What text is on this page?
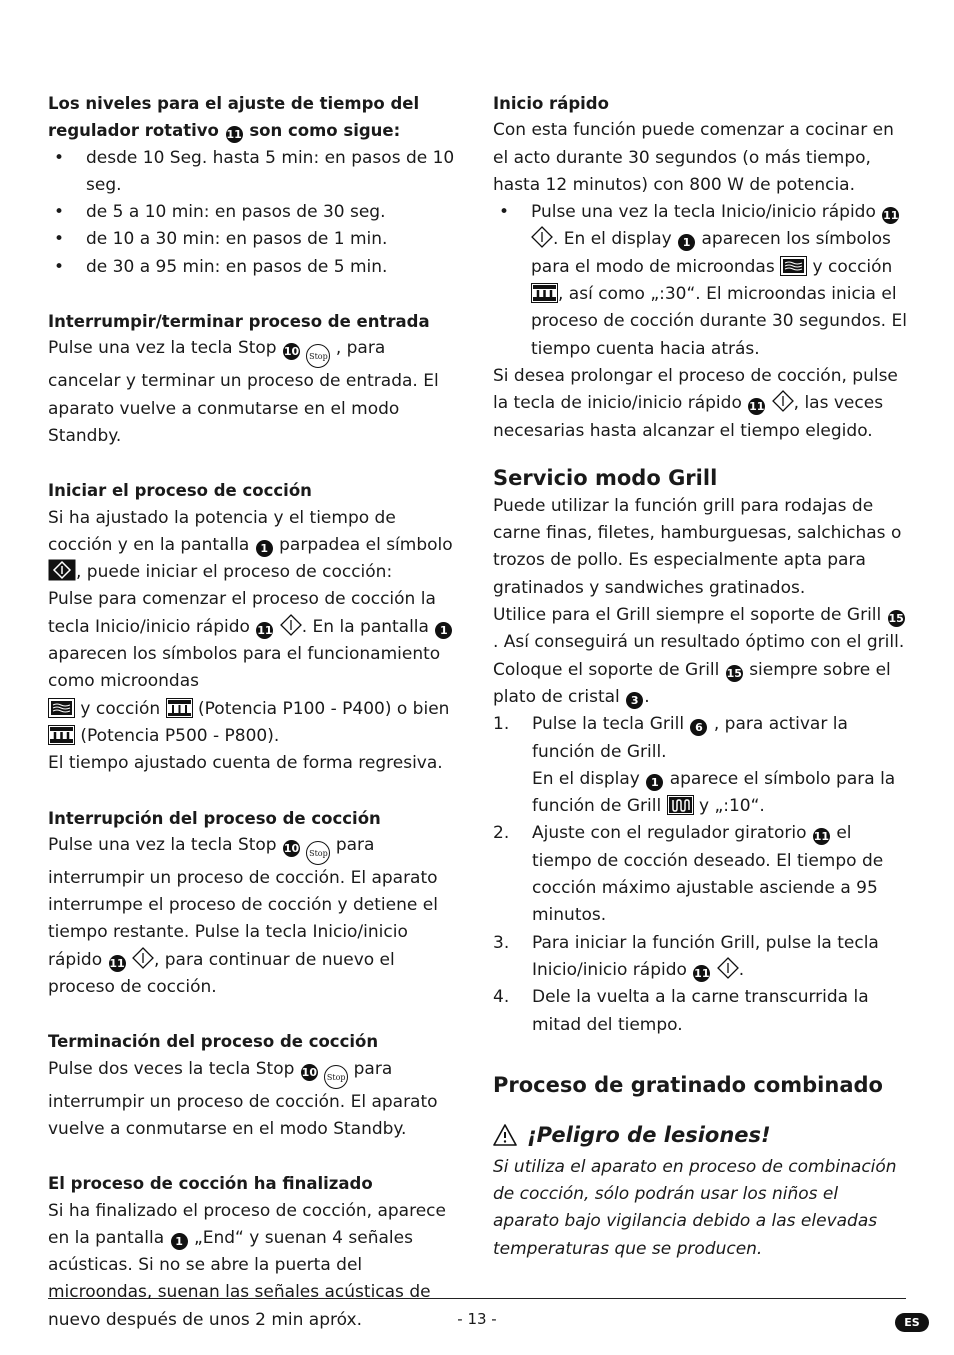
Los niveles para el ajuste de tiempo del regulador rotativo 11 son como sigue:

• desde 10 Seg. hasta 5 min: en pasos de 10 seg.
• de 5 a 10 min: en pasos de 30 seg.
• de 10 a 30 min: en pasos de 1 min.
• de 30 a 95 min: en pasos de 5 min.

Interrumpir/terminar proceso de entrada

Pulse una vez la tecla Stop 10 Stop , para cancelar y terminar un proceso de entrada. El aparato vuelve a conmutarse en el modo Standby.

Iniciar el proceso de cocción

Si ha ajustado la potencia y el tiempo de cocción y en la pantalla 1 parpadea el símbolo , puede iniciar el proceso de cocción:

Pulse para comenzar el proceso de cocción la tecla Inicio/inicio rápido 11 . En la pantalla 1 aparecen los símbolos para el funcionamiento como microondas

y cocción (Potencia P100 - P400) o bien

(Potencia P500 - P800).

El tiempo ajustado cuenta de forma regresiva.

Interrupción del proceso de cocción

Pulse una vez la tecla Stop 10 Stop para interrumpir un proceso de cocción. El aparato interrumpe el proceso de cocción y detiene el tiempo restante. Pulse la tecla Inicio/inicio rápido 11 , para continuar de nuevo el proceso de cocción.

Terminación del proceso de cocción

Pulse dos veces la tecla Stop 10 Stop para interrumpir un proceso de cocción. El aparato vuelve a conmutarse en el modo Standby.

El proceso de cocción ha finalizado

Si ha finalizado el proceso de cocción, aparece en la pantalla 1 „End“ y suenan 4 señales acústicas. Si no se abre la puerta del microondas, suenan las señales acústicas de nuevo después de unos 2 min apróx.

Inicio rápido

Con esta función puede comenzar a cocinar en el acto durante 30 segundos (o más tiempo, hasta 12 minutos) con 800 W de potencia.

• Pulse una vez la tecla Inicio/inicio rápido 11 . En el display 1 aparecen los símbolos para el modo de microondas y cocción , así como „:30“. El microondas inicia el proceso de cocción durante 30 segundos. El tiempo cuenta hacia atrás.

Si desea prolongar el proceso de cocción, pulse la tecla de inicio/inicio rápido 11 , las veces necesarias hasta alcanzar el tiempo elegido.

Servicio modo Grill

Puede utilizar la función grill para rodajas de carne finas, filetes, hamburguesas, salchichas o trozos de pollo. Es especialmente apta para gratinados y sandwiches gratinados.

Utilice para el Grill siempre el soporte de Grill 15. Así conseguirá un resultado óptimo con el grill. Coloque el soporte de Grill 15 siempre sobre el plato de cristal 3 .

1. Pulse la tecla Grill 6 , para activar la función de Grill.
En el display 1 aparece el símbolo para la función de Grill y „:10“.
2. Ajuste con el regulador giratorio 11 el tiempo de cocción deseado. El tiempo de cocción máximo ajustable asciende a 95 minutos.
3. Para iniciar la función Grill, pulse la tecla Inicio/inicio rápido 11 .
4. Dele la vuelta a la carne transcurrida la mitad del tiempo.

Proceso de gratinado combinado

¡Peligro de lesiones!

Si utiliza el aparato en proceso de combinación de cocción, sólo podrán usar los niños el aparato bajo vigilancia debido a las elevadas temperaturas que se producen.

- 13 -	ES
